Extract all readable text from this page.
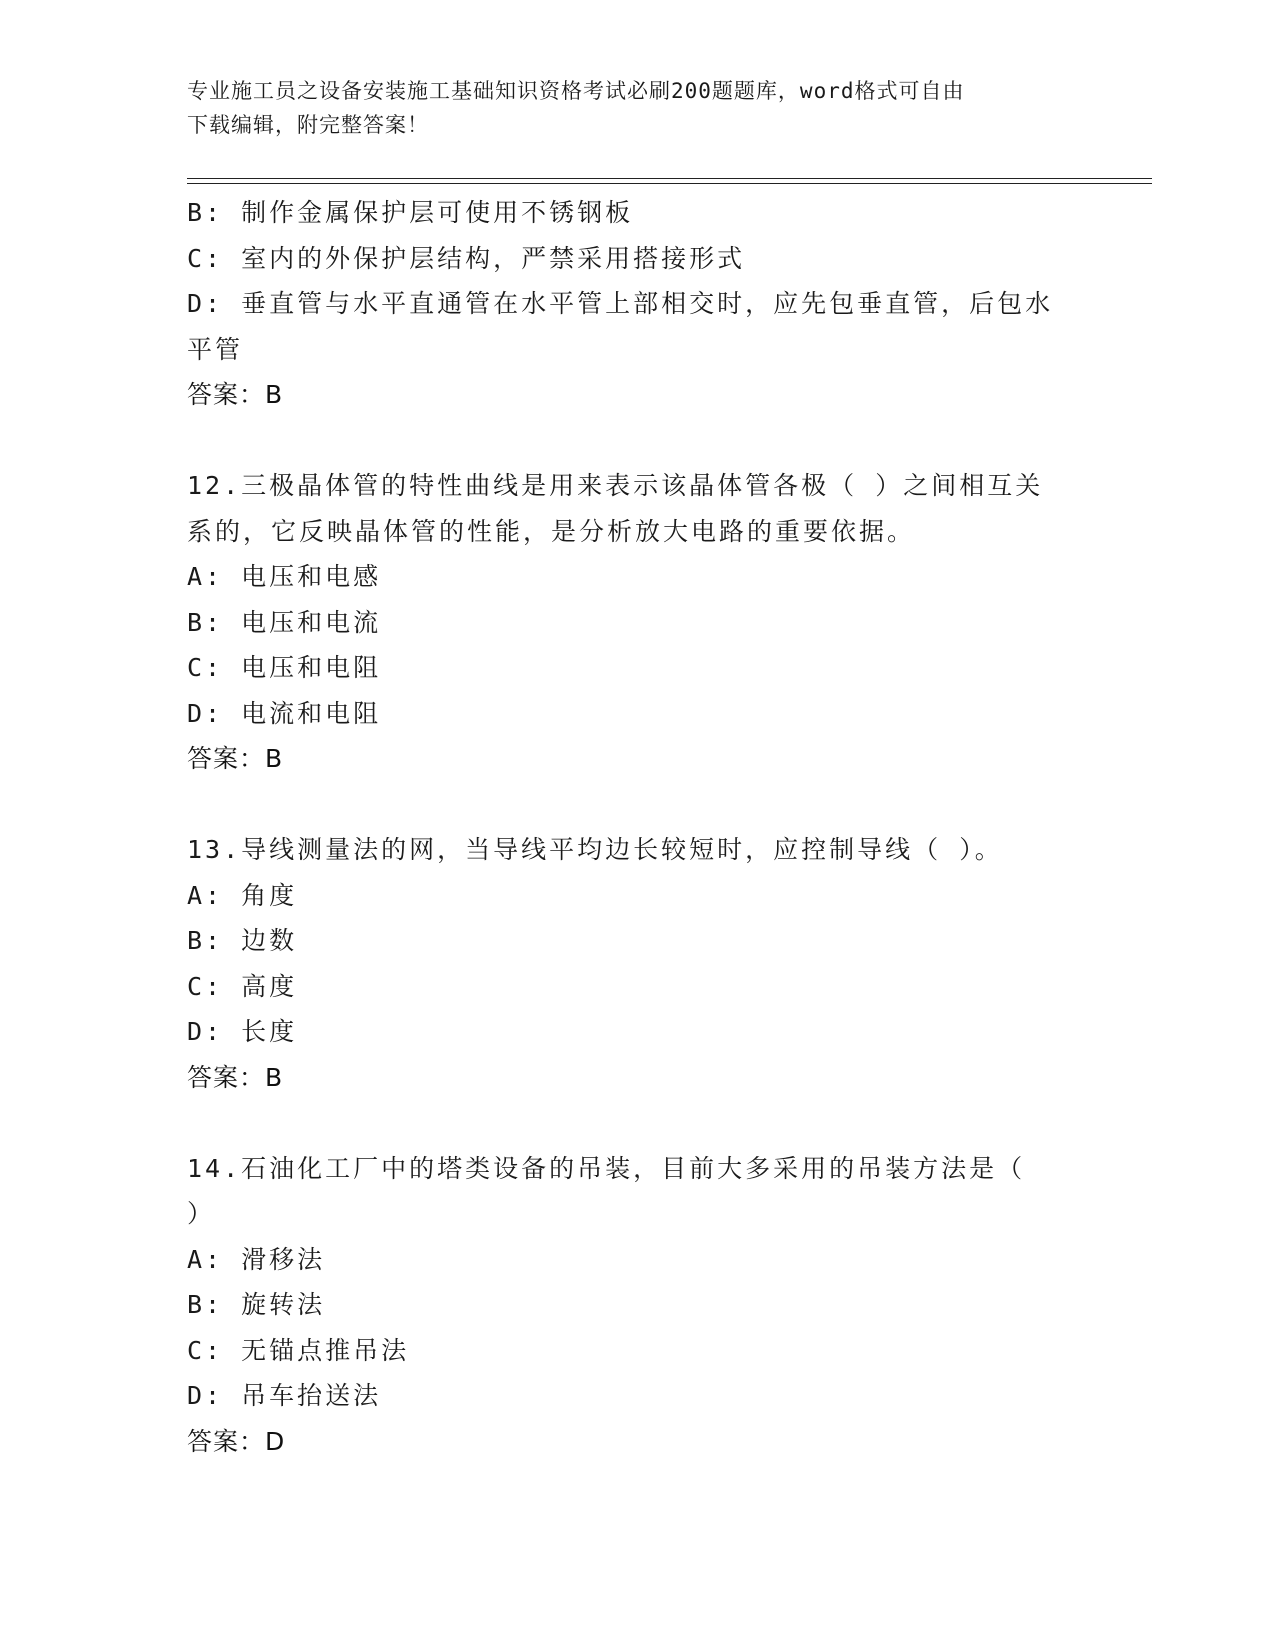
专业施工员之设备安装施工基础知识资格考试必刷200题题库，word格式可自由
下载编辑，附完整答案！
B: 制作金属保护层可使用不锈钢板
C: 室内的外保护层结构，严禁采用搭接形式
D: 垂直管与水平直通管在水平管上部相交时，应先包垂直管，后包水
平管
答案：B
12.三极晶体管的特性曲线是用来表示该晶体管各极（ ）之间相互关
系的，它反映晶体管的性能，是分析放大电路的重要依据。
A: 电压和电感
B: 电压和电流
C: 电压和电阻
D: 电流和电阻
答案：B
13.导线测量法的网，当导线平均边长较短时，应控制导线（ ）。
A: 角度
B: 边数
C: 高度
D: 长度
答案：B
14.石油化工厂中的塔类设备的吊装，目前大多采用的吊装方法是（
）
A: 滑移法
B: 旋转法
C: 无锚点推吊法
D: 吊车抬送法
答案：D
